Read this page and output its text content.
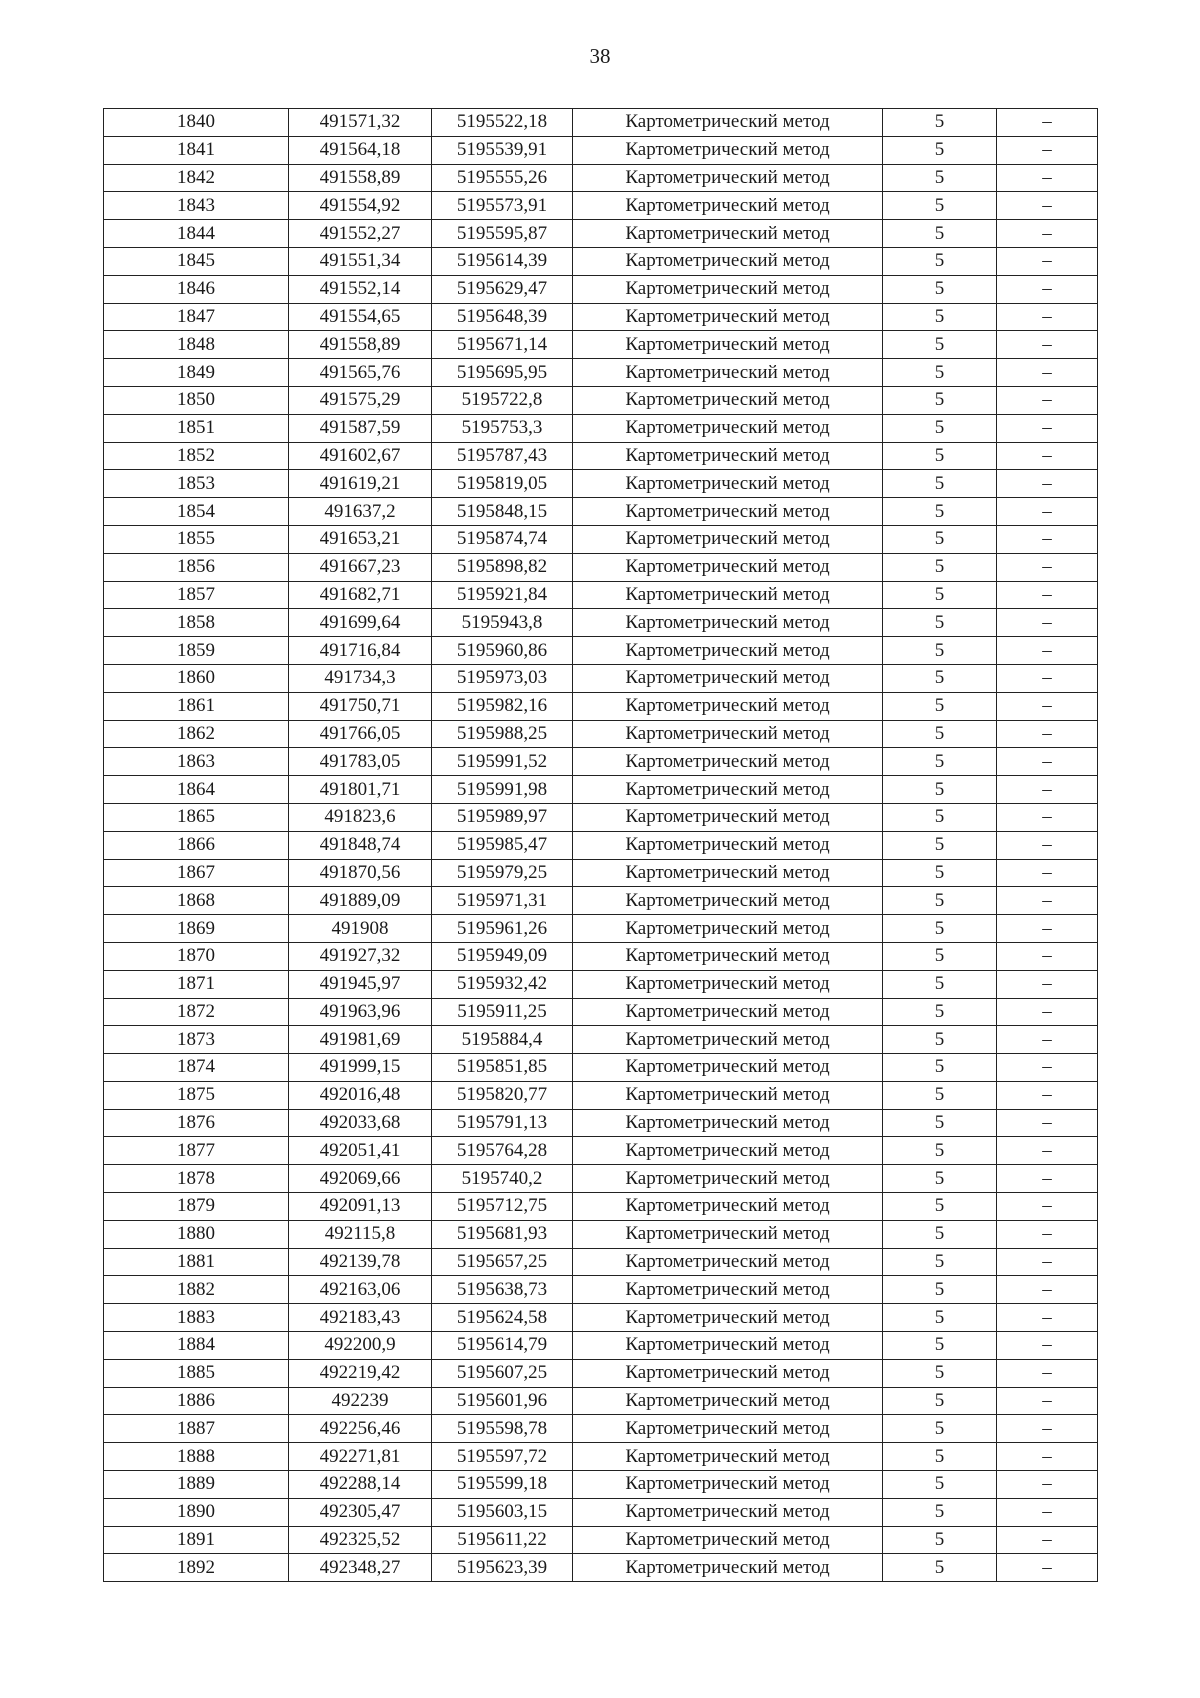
38
1840	491571,32	5195522,18	Картометрический метод	5	–
1841	491564,18	5195539,91	Картометрический метод	5	–
1842	491558,89	5195555,26	Картометрический метод	5	–
1843	491554,92	5195573,91	Картометрический метод	5	–
1844	491552,27	5195595,87	Картометрический метод	5	–
1845	491551,34	5195614,39	Картометрический метод	5	–
1846	491552,14	5195629,47	Картометрический метод	5	–
1847	491554,65	5195648,39	Картометрический метод	5	–
1848	491558,89	5195671,14	Картометрический метод	5	–
1849	491565,76	5195695,95	Картометрический метод	5	–
1850	491575,29	5195722,8	Картометрический метод	5	–
1851	491587,59	5195753,3	Картометрический метод	5	–
1852	491602,67	5195787,43	Картометрический метод	5	–
1853	491619,21	5195819,05	Картометрический метод	5	–
1854	491637,2	5195848,15	Картометрический метод	5	–
1855	491653,21	5195874,74	Картометрический метод	5	–
1856	491667,23	5195898,82	Картометрический метод	5	–
1857	491682,71	5195921,84	Картометрический метод	5	–
1858	491699,64	5195943,8	Картометрический метод	5	–
1859	491716,84	5195960,86	Картометрический метод	5	–
1860	491734,3	5195973,03	Картометрический метод	5	–
1861	491750,71	5195982,16	Картометрический метод	5	–
1862	491766,05	5195988,25	Картометрический метод	5	–
1863	491783,05	5195991,52	Картометрический метод	5	–
1864	491801,71	5195991,98	Картометрический метод	5	–
1865	491823,6	5195989,97	Картометрический метод	5	–
1866	491848,74	5195985,47	Картометрический метод	5	–
1867	491870,56	5195979,25	Картометрический метод	5	–
1868	491889,09	5195971,31	Картометрический метод	5	–
1869	491908	5195961,26	Картометрический метод	5	–
1870	491927,32	5195949,09	Картометрический метод	5	–
1871	491945,97	5195932,42	Картометрический метод	5	–
1872	491963,96	5195911,25	Картометрический метод	5	–
1873	491981,69	5195884,4	Картометрический метод	5	–
1874	491999,15	5195851,85	Картометрический метод	5	–
1875	492016,48	5195820,77	Картометрический метод	5	–
1876	492033,68	5195791,13	Картометрический метод	5	–
1877	492051,41	5195764,28	Картометрический метод	5	–
1878	492069,66	5195740,2	Картометрический метод	5	–
1879	492091,13	5195712,75	Картометрический метод	5	–
1880	492115,8	5195681,93	Картометрический метод	5	–
1881	492139,78	5195657,25	Картометрический метод	5	–
1882	492163,06	5195638,73	Картометрический метод	5	–
1883	492183,43	5195624,58	Картометрический метод	5	–
1884	492200,9	5195614,79	Картометрический метод	5	–
1885	492219,42	5195607,25	Картометрический метод	5	–
1886	492239	5195601,96	Картометрический метод	5	–
1887	492256,46	5195598,78	Картометрический метод	5	–
1888	492271,81	5195597,72	Картометрический метод	5	–
1889	492288,14	5195599,18	Картометрический метод	5	–
1890	492305,47	5195603,15	Картометрический метод	5	–
1891	492325,52	5195611,22	Картометрический метод	5	–
1892	492348,27	5195623,39	Картометрический метод	5	–
